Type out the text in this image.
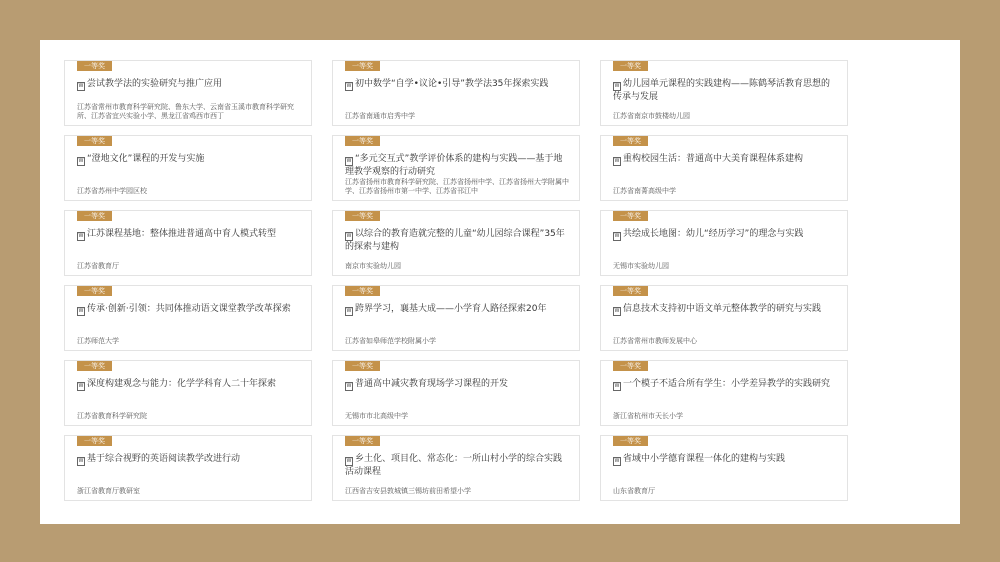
一等奖
W 尝试教学法的实验研究与推广应用
江苏省常州市教育科学研究院、鲁东大学、云南省玉溪市教育科学研究所、江苏省宜兴实验小学、黑龙江省鸡西市西丁
一等奖
W 初中数学“自学•议论•引导”教学法35年探索实践
江苏省南通市启秀中学
一等奖
W 幼儿园单元课程的实践建构——陈鹤琴活教育思想的传承与发展
江苏省南京市鼓楼幼儿园
一等奖
W “澄地文化”课程的开发与实施
江苏省苏州中学园区校
一等奖
W “多元交互式”教学评价体系的建构与实践——基于地理教学观察的行动研究
江苏省扬州市教育科学研究院、江苏省扬州中学、江苏省扬州大学附属中学、江苏省扬州市第一中学、江苏省邗江中
一等奖
W 重构校园生活：普通高中大美育课程体系建构
江苏省南菁高级中学
一等奖
W 江苏课程基地：整体推进普通高中育人模式转型
江苏省教育厅
一等奖
W 以综合的教育造就完整的儿童“幼儿园综合课程”35年的探索与建构
南京市实验幼儿园
一等奖
W 共绘成长地图：幼儿“经历学习”的理念与实践
无锡市实验幼儿园
一等奖
W 传承·创新·引领：共同体推动语文课堂教学改革探索
江苏师范大学
一等奖
W 跨界学习，襄基大成——小学育人路径探索20年
江苏省如皋师范学校附属小学
一等奖
W 信息技术支持初中语文单元整体教学的研究与实践
江苏省常州市教师发展中心
一等奖
W 深度构建观念与能力：化学学科育人二十年探索
江苏省教育科学研究院
一等奖
W 普通高中减灾教育现场学习课程的开发
无锡市市北高级中学
一等奖
W 一个模子不适合所有学生：小学差异教学的实践研究
浙江省杭州市天长小学
一等奖
W 基于综合视野的英语阅读教学改进行动
浙江省教育厅教研室
一等奖
W 乡土化、项目化、常态化：一所山村小学的综合实践活动课程
江西省吉安县敦城镇三锡坊前田希望小学
一等奖
W 省域中小学德育课程一体化的建构与实践
山东省教育厅
